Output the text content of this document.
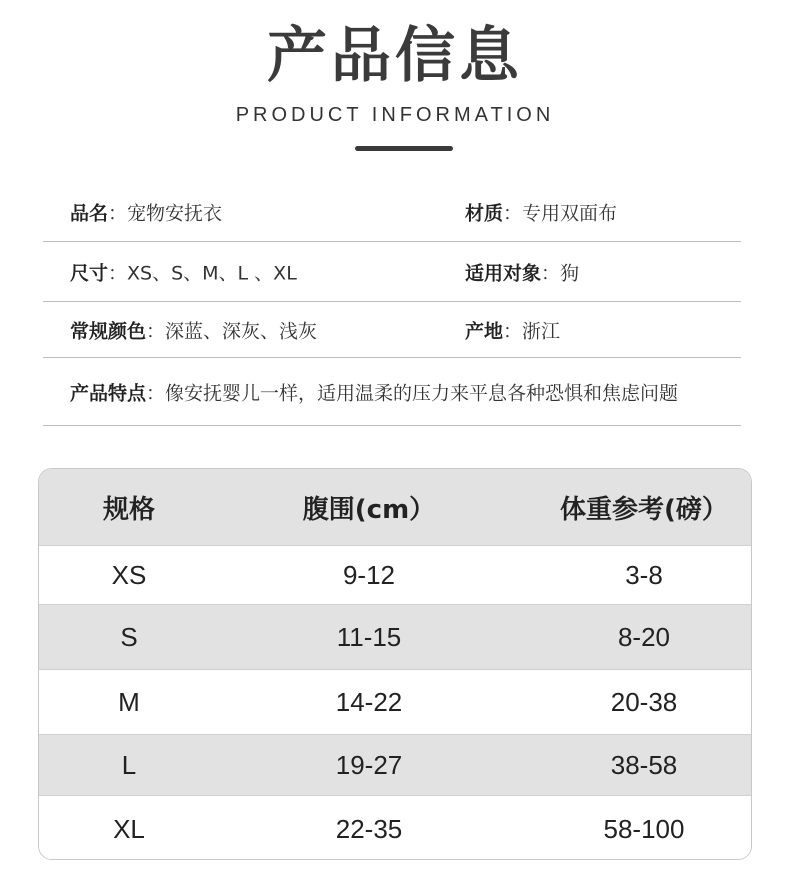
产品信息
PRODUCT INFORMATION
品名：宠物安抚衣	材质：专用双面布
尺寸：XS、S、M、L 、XL	适用对象：狗
常规颜色：深蓝、深灰、浅灰	产地：浙江
产品特点：像安抚婴儿一样，适用温柔的压力来平息各种恐惧和焦虑问题
规格	腹围(cm）	体重参考(磅）
XS	9-12	3-8
S	11-15	8-20
M	14-22	20-38
L	19-27	38-58
XL	22-35	58-100
